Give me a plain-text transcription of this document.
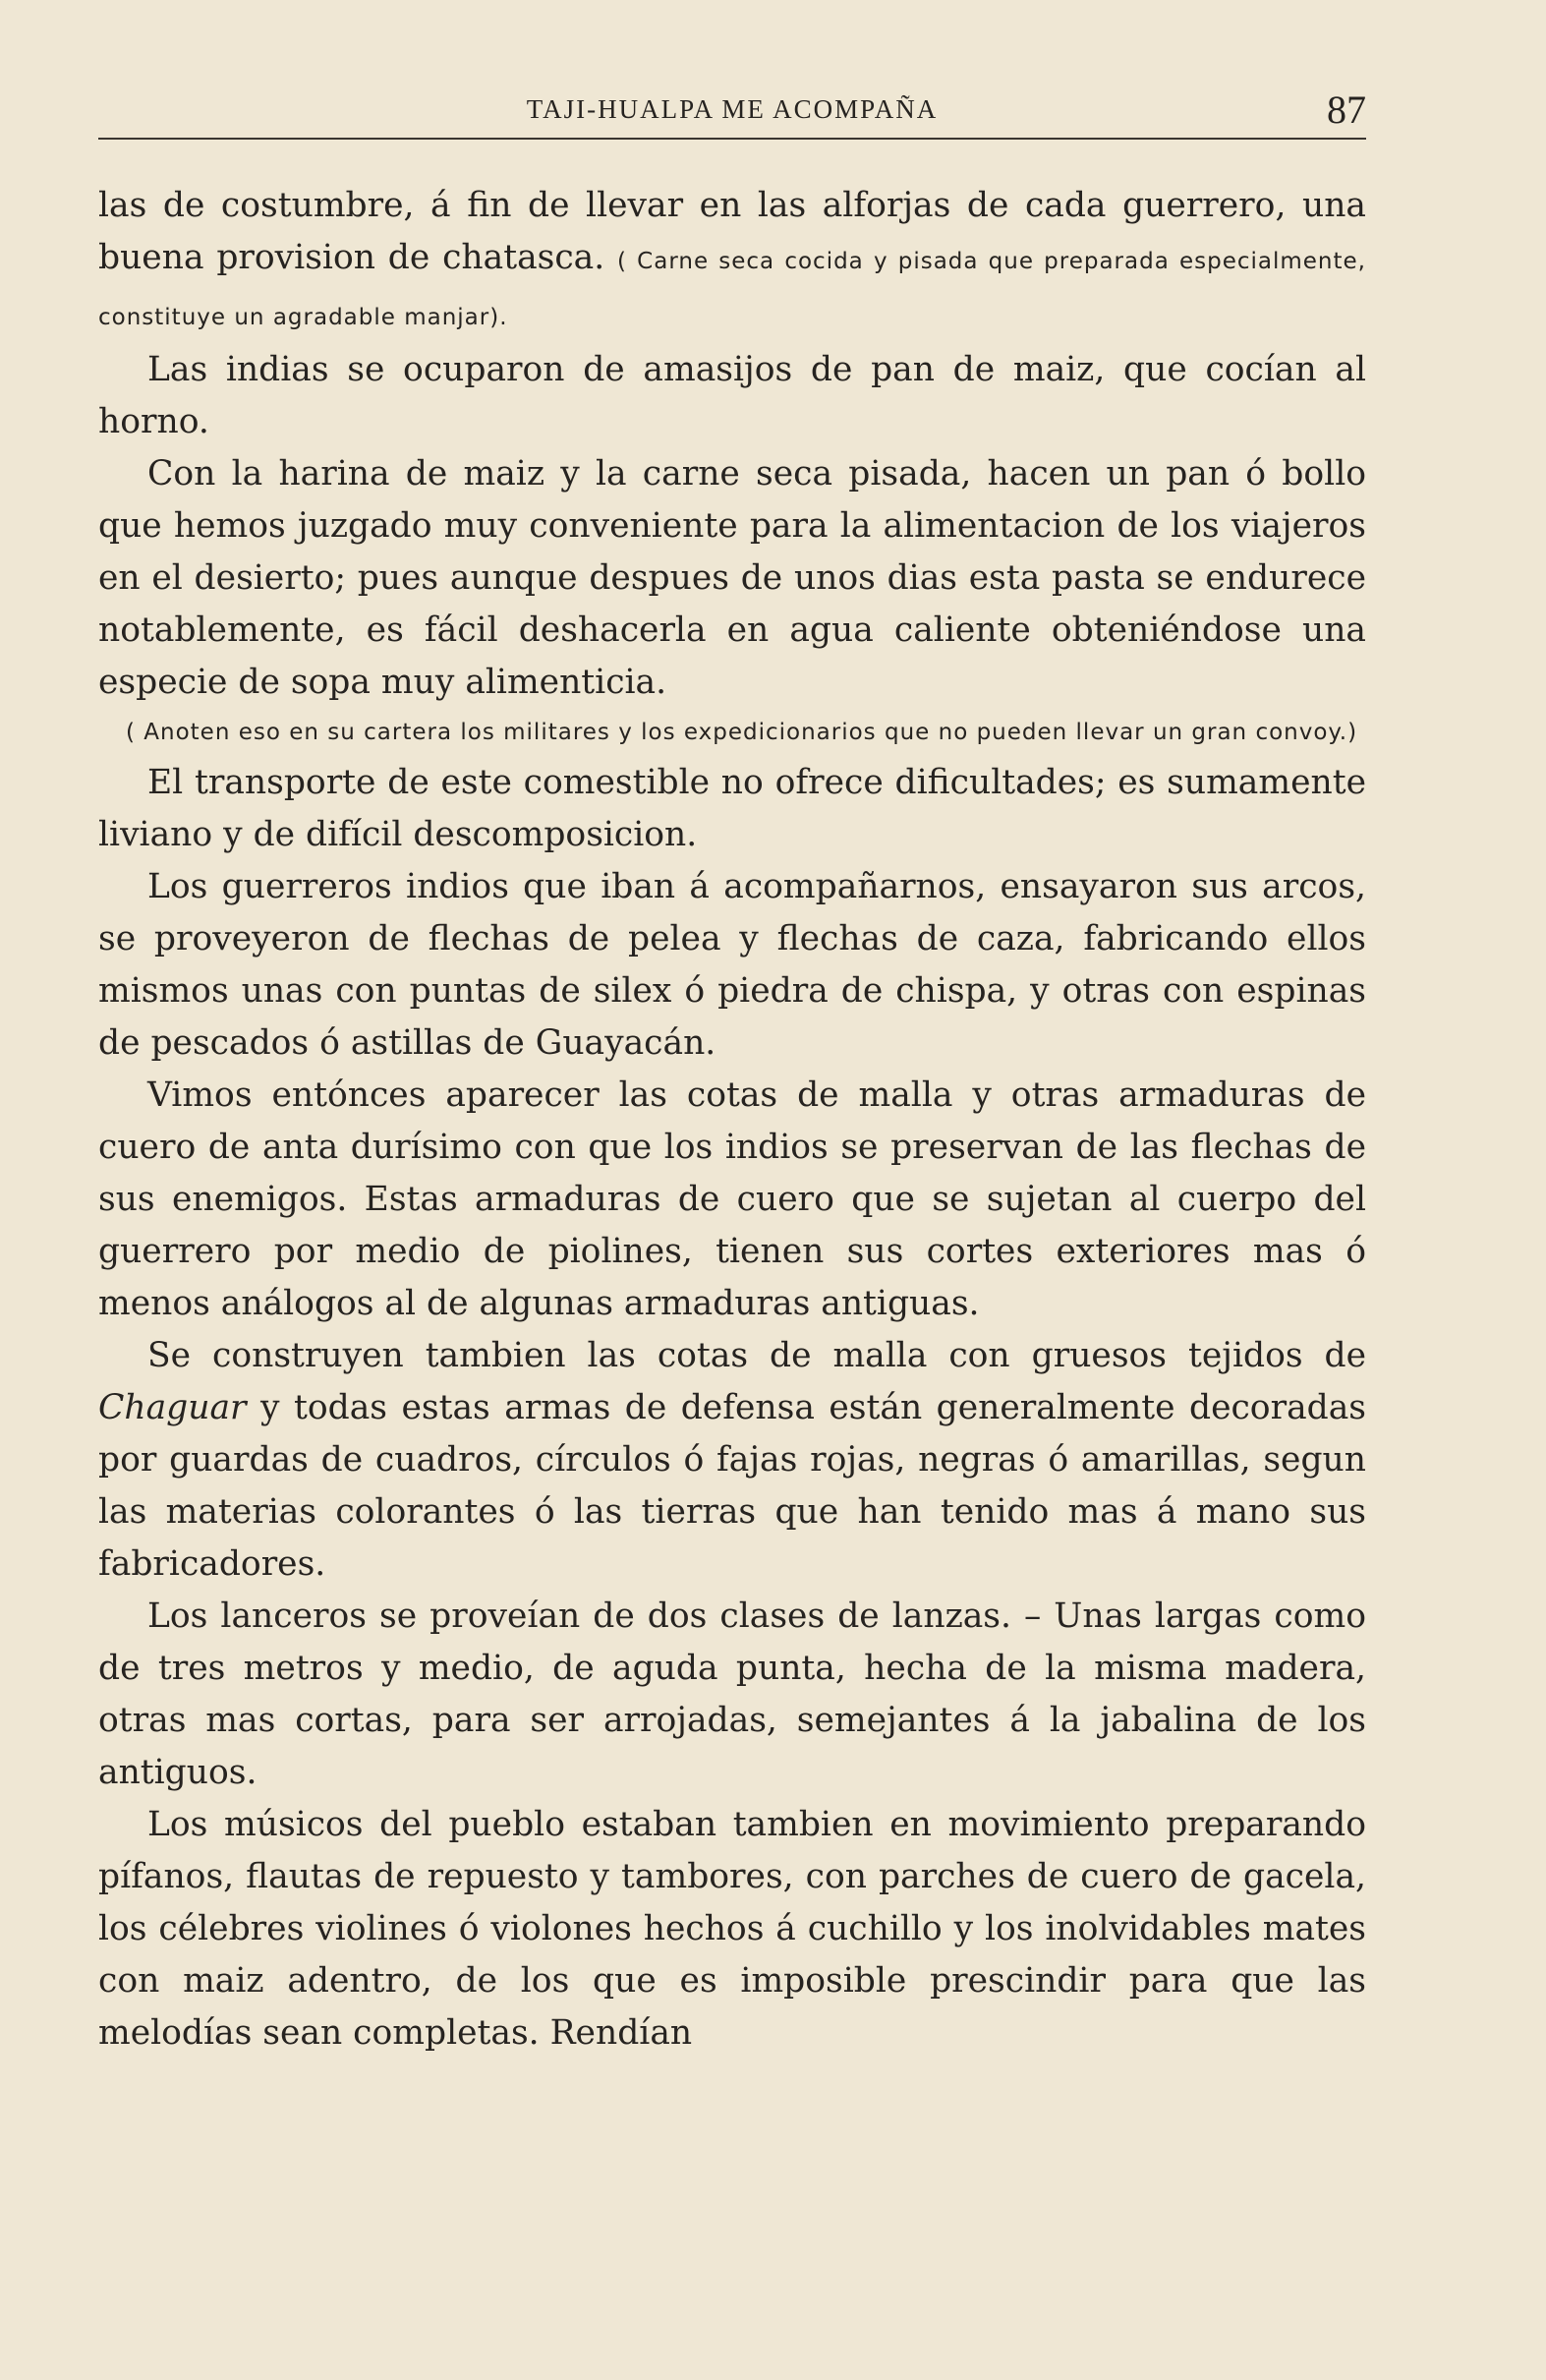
TAJI-HUALPA ME ACOMPAÑA	87

las de costumbre, á fin de llevar en las alforjas de cada guerrero, una buena provision de chatasca. ( Carne seca cocida y pisada que preparada especialmente, constituye un agradable manjar).

Las indias se ocuparon de amasijos de pan de maiz, que cocían al horno.

Con la harina de maiz y la carne seca pisada, hacen un pan ó bollo que hemos juzgado muy conveniente para la alimentacion de los viajeros en el desierto; pues aunque despues de unos dias esta pasta se endurece notablemente, es fácil deshacerla en agua caliente obteniéndose una especie de sopa muy alimenticia.

( Anoten eso en su cartera los militares y los expedicionarios que no pueden llevar un gran convoy.)

El transporte de este comestible no ofrece dificultades; es sumamente liviano y de difícil descomposicion.

Los guerreros indios que iban á acompañarnos, ensayaron sus arcos, se proveyeron de flechas de pelea y flechas de caza, fabricando ellos mismos unas con puntas de silex ó piedra de chispa, y otras con espinas de pescados ó astillas de Guayacán.

Vimos entónces aparecer las cotas de malla y otras armaduras de cuero de anta durísimo con que los indios se preservan de las flechas de sus enemigos. Estas armaduras de cuero que se sujetan al cuerpo del guerrero por medio de piolines, tienen sus cortes exteriores mas ó menos análogos al de algunas armaduras antiguas.

Se construyen tambien las cotas de malla con gruesos tejidos de Chaguar y todas estas armas de defensa están generalmente decoradas por guardas de cuadros, círculos ó fajas rojas, negras ó amarillas, segun las materias colorantes ó las tierras que han tenido mas á mano sus fabricadores.

Los lanceros se proveían de dos clases de lanzas. – Unas largas como de tres metros y medio, de aguda punta, hecha de la misma madera, otras mas cortas, para ser arrojadas, semejantes á la jabalina de los antiguos.

Los músicos del pueblo estaban tambien en movimiento preparando pífanos, flautas de repuesto y tambores, con parches de cuero de gacela, los célebres violines ó violones hechos á cuchillo y los inolvidables mates con maiz adentro, de los que es imposible prescindir para que las melodías sean completas. Rendían
